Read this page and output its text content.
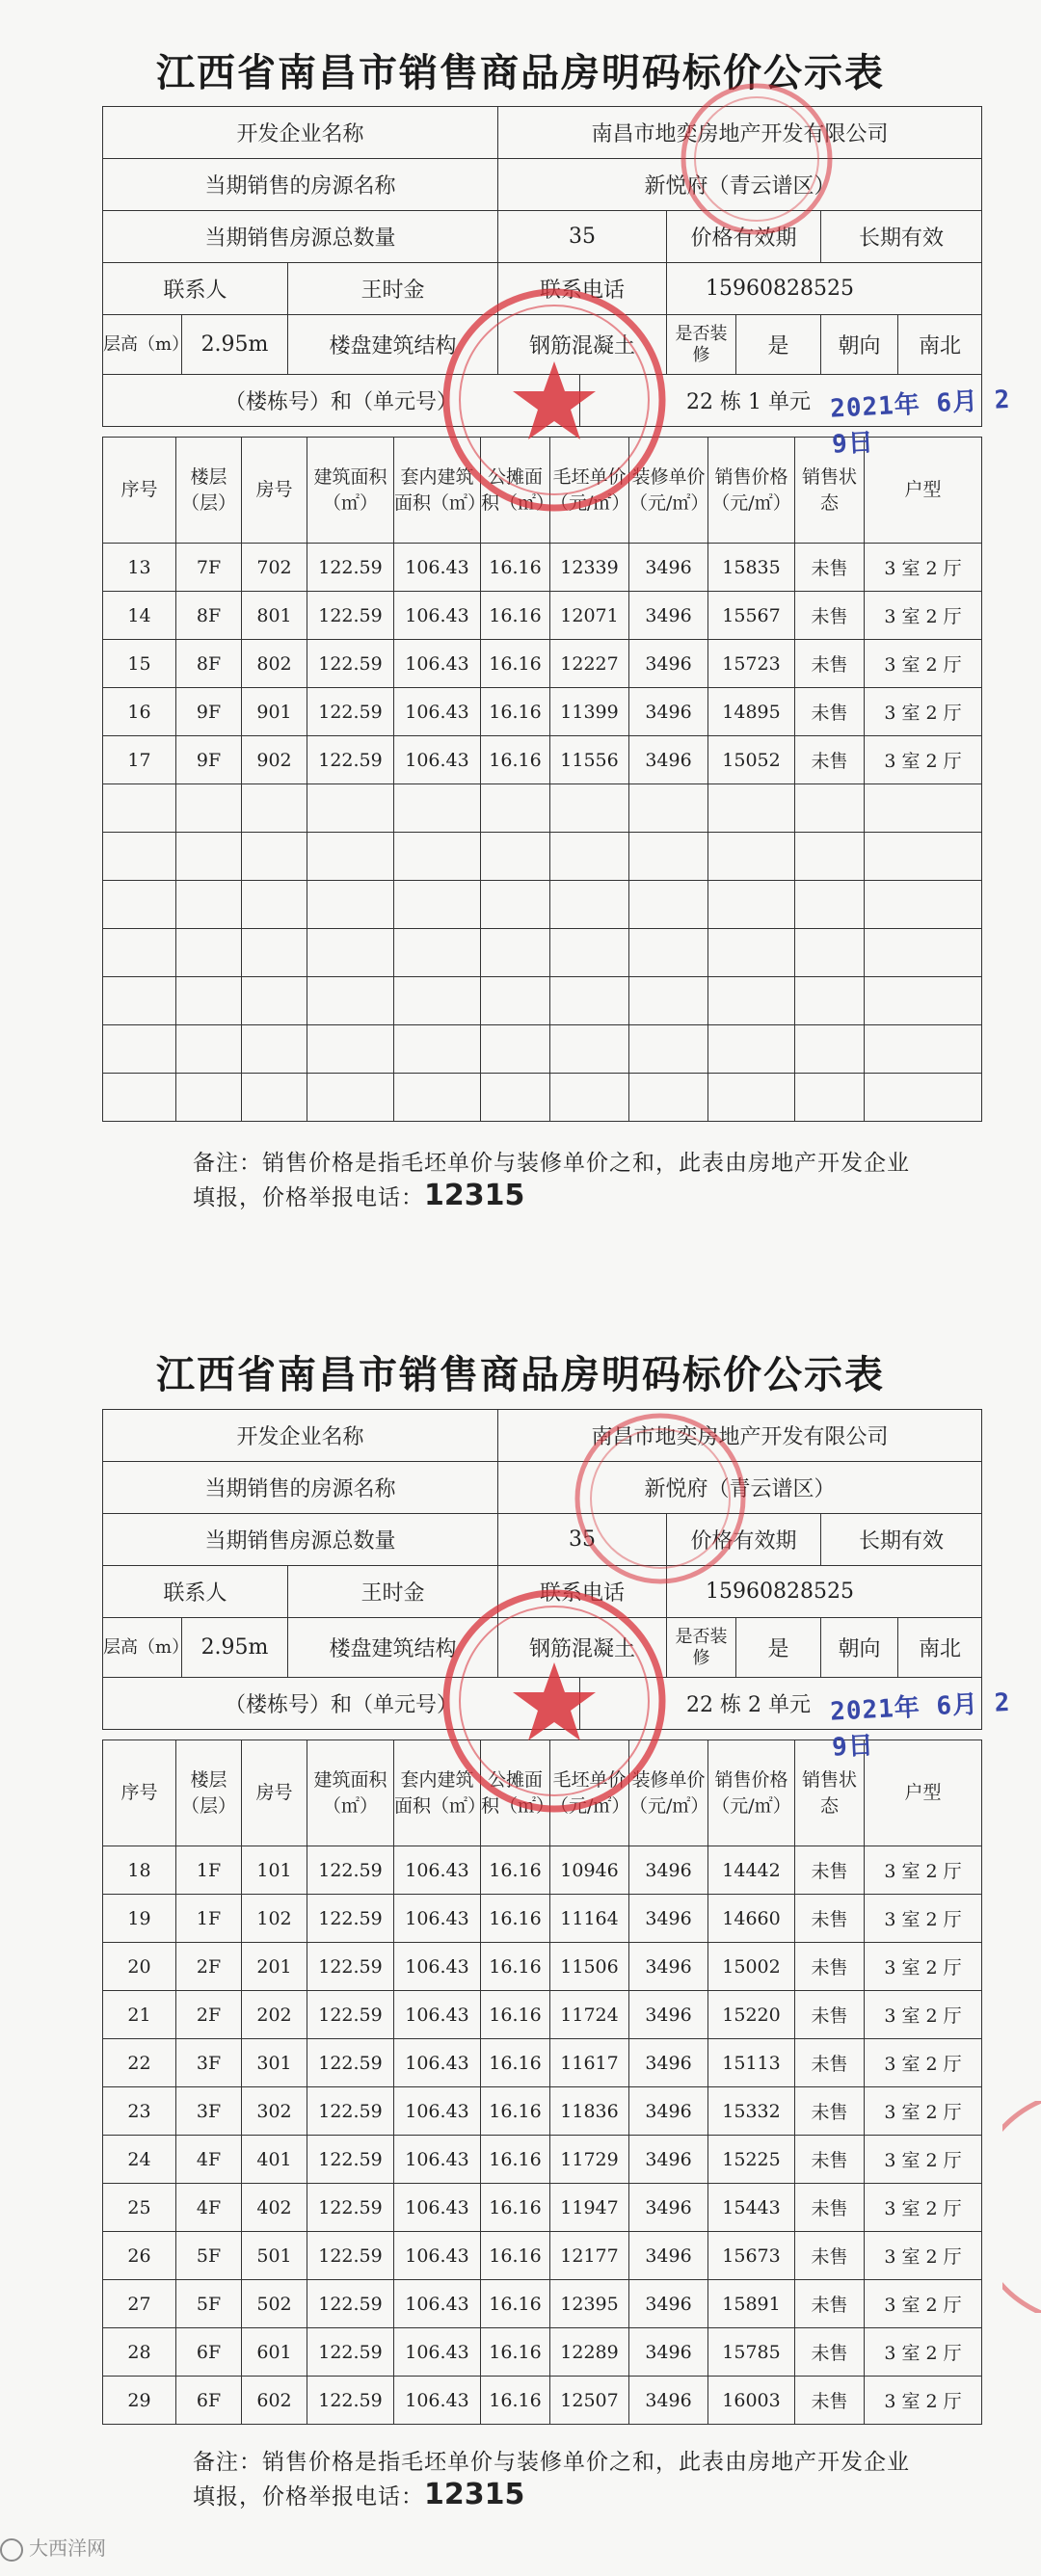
江西省南昌市销售商品房明码标价公示表
开发企业名称			南昌市地奕房地产开发有限公司					
当期销售的房源名称			新悦府（青云谱区）					
当期销售房源总数量			35		价格有效期		长期有效	
联系人		王时金	联系电话		15960828525			
层高（m）	2.95m	楼盘建筑结构	钢筋混凝土		是否装修	是	朝向	南北
（楼栋号）和（单元号）				22 栋 1 单元				
序号	楼层（层）	房号	建筑面积（㎡）	套内建筑面积（㎡）	公摊面积（㎡）	毛坯单价（元/㎡）	装修单价（元/㎡）	销售价格（元/㎡）	销售状态	户型
13	7F	702	122.59	106.43	16.16	12339	3496	15835	未售	3 室 2 厅
14	8F	801	122.59	106.43	16.16	12071	3496	15567	未售	3 室 2 厅
15	8F	802	122.59	106.43	16.16	12227	3496	15723	未售	3 室 2 厅
16	9F	901	122.59	106.43	16.16	11399	3496	14895	未售	3 室 2 厅
17	9F	902	122.59	106.43	16.16	11556	3496	15052	未售	3 室 2 厅

备注：销售价格是指毛坯单价与装修单价之和，此表由房地产开发企业填报，价格举报电话：12315
2021年 6月 2 9日
江西省南昌市销售商品房明码标价公示表
开发企业名称			南昌市地奕房地产开发有限公司					
当期销售的房源名称			新悦府（青云谱区）					
当期销售房源总数量			35		价格有效期		长期有效	
联系人		王时金	联系电话		15960828525			
层高（m）	2.95m	楼盘建筑结构	钢筋混凝土		是否装修	是	朝向	南北
（楼栋号）和（单元号）				22 栋 2 单元				
序号	楼层（层）	房号	建筑面积（㎡）	套内建筑面积（㎡）	公摊面积（㎡）	毛坯单价（元/㎡）	装修单价（元/㎡）	销售价格（元/㎡）	销售状态	户型
18	1F	101	122.59	106.43	16.16	10946	3496	14442	未售	3 室 2 厅
19	1F	102	122.59	106.43	16.16	11164	3496	14660	未售	3 室 2 厅
20	2F	201	122.59	106.43	16.16	11506	3496	15002	未售	3 室 2 厅
21	2F	202	122.59	106.43	16.16	11724	3496	15220	未售	3 室 2 厅
22	3F	301	122.59	106.43	16.16	11617	3496	15113	未售	3 室 2 厅
23	3F	302	122.59	106.43	16.16	11836	3496	15332	未售	3 室 2 厅
24	4F	401	122.59	106.43	16.16	11729	3496	15225	未售	3 室 2 厅
25	4F	402	122.59	106.43	16.16	11947	3496	15443	未售	3 室 2 厅
26	5F	501	122.59	106.43	16.16	12177	3496	15673	未售	3 室 2 厅
27	5F	502	122.59	106.43	16.16	12395	3496	15891	未售	3 室 2 厅
28	6F	601	122.59	106.43	16.16	12289	3496	15785	未售	3 室 2 厅
29	6F	602	122.59	106.43	16.16	12507	3496	16003	未售	3 室 2 厅
备注：销售价格是指毛坯单价与装修单价之和，此表由房地产开发企业填报，价格举报电话：12315
2021年 6月 2 9日
大西洋网
